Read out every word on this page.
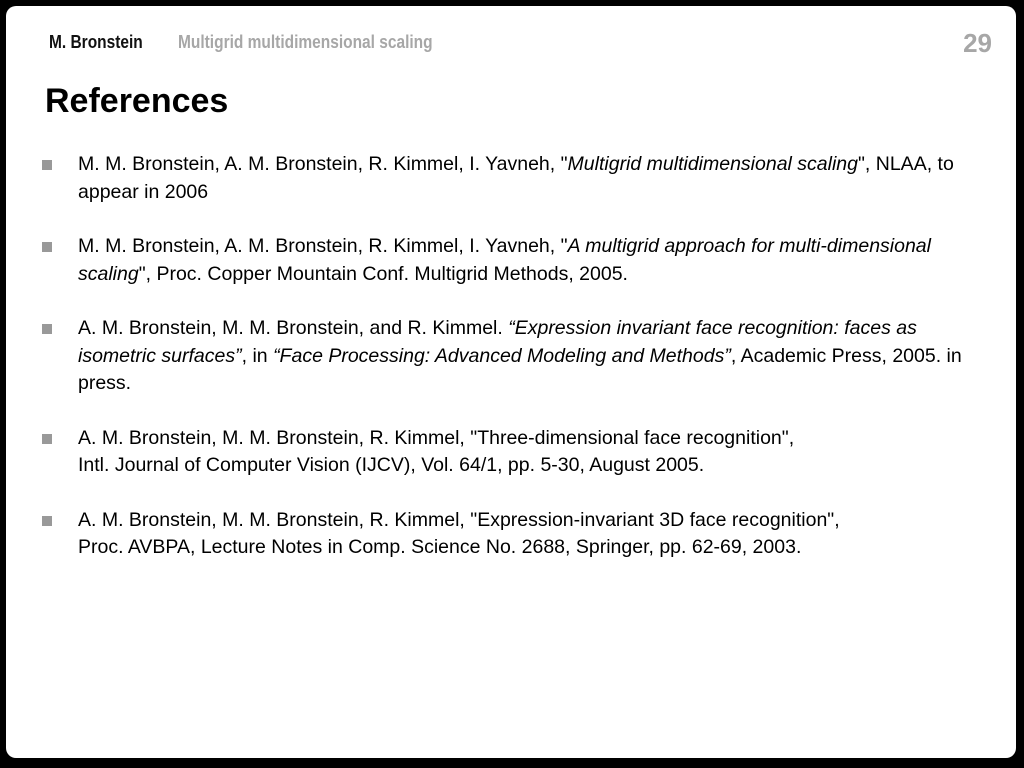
M. Bronstein Multigrid multidimensional scaling	29
References
M. M. Bronstein, A. M. Bronstein, R. Kimmel, I. Yavneh, "Multigrid multidimensional scaling", NLAA, to appear in 2006
M. M. Bronstein, A. M. Bronstein, R. Kimmel, I. Yavneh, "A multigrid approach for multi-dimensional scaling", Proc. Copper Mountain Conf. Multigrid Methods, 2005.
A. M. Bronstein, M. M. Bronstein, and R. Kimmel. “Expression invariant face recognition: faces as isometric surfaces”, in “Face Processing: Advanced Modeling and Methods”, Academic Press, 2005. in press.
A. M. Bronstein, M. M. Bronstein, R. Kimmel, "Three-dimensional face recognition",
Intl. Journal of Computer Vision (IJCV), Vol. 64/1, pp. 5-30, August 2005.
A. M. Bronstein, M. M. Bronstein, R. Kimmel, "Expression-invariant 3D face recognition",
Proc. AVBPA, Lecture Notes in Comp. Science No. 2688, Springer, pp. 62-69, 2003.
